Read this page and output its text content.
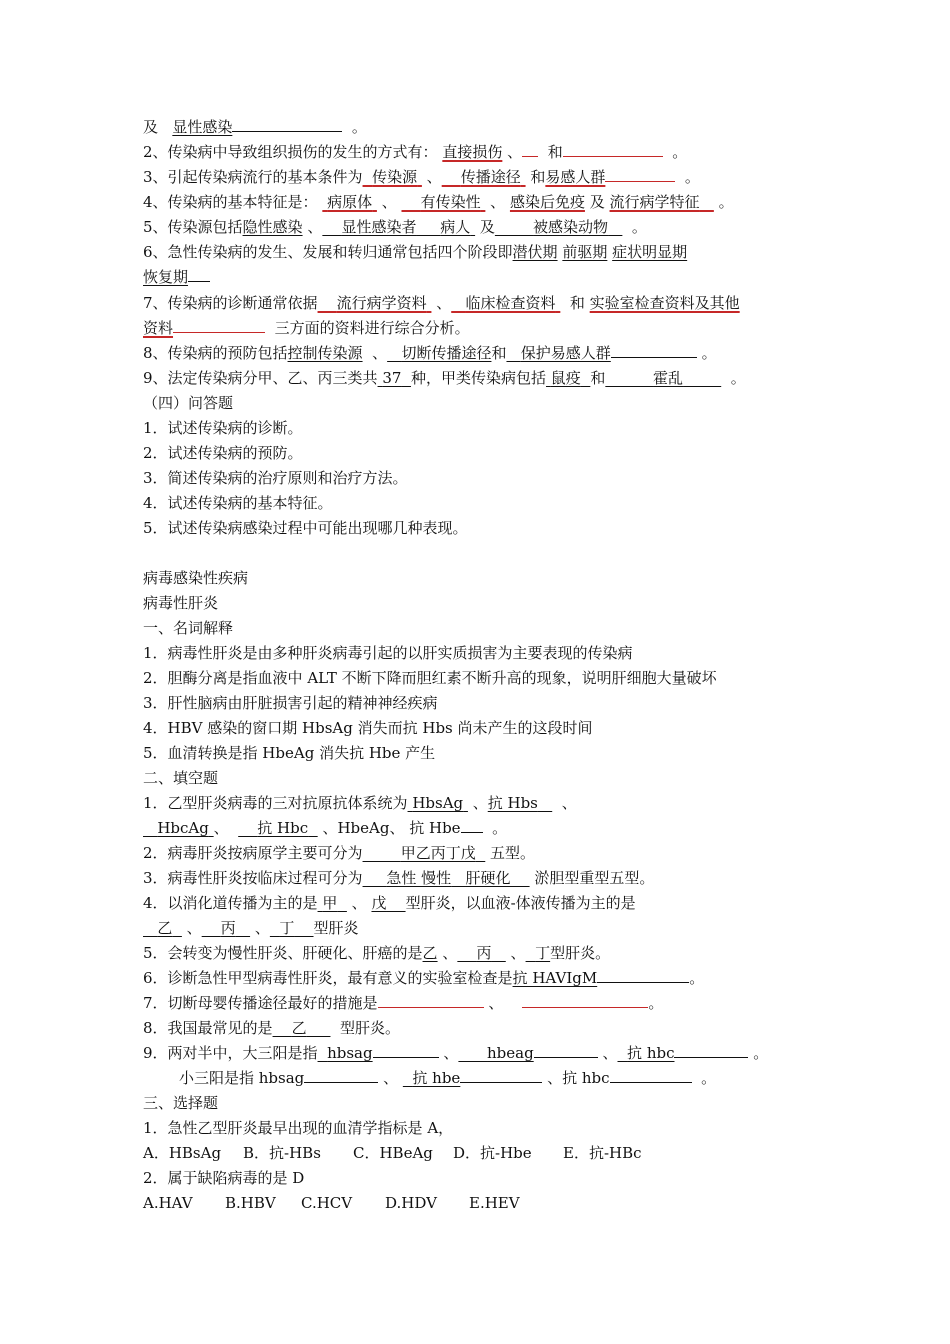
及 显性感染	。
2、传染病中导致组织损伤的发生的方式有： 直接损伤 、 和	。
3、引起传染病流行的基本条件为 传染源 、 传播途径 和易感人群	。
4、传染病的基本特征是： 病原体 、 有传染性 、 感染后免疫 及 流行病学特征 。
5、传染源包括隐性感染 、 显性感染者 病人 及	被感染动物 。
6、急性传染病的发生、发展和转归通常包括四个阶段即潜伏期 前驱期 症状明显期
恢复期
7、传染病的诊断通常依据 流行病学资料 、 临床检查资料 和 实验室检查资料及其他
资料	三方面的资料进行综合分析。
8、传染病的预防包括控制传染源 、 切断传播途径和 保护易感人群	。
9、法定传染病分甲、乙、丙三类共 37 种，甲类传染病包括 鼠疫 和	霍乱	。
（四）问答题
1．试述传染病的诊断。
2．试述传染病的预防。
3．简述传染病的治疗原则和治疗方法。
4．试述传染病的基本特征。
5．试述传染病感染过程中可能出现哪几种表现。
病毒感染性疾病
病毒性肝炎
一、名词解释
1．病毒性肝炎是由多种肝炎病毒引起的以肝实质损害为主要表现的传染病
2．胆酶分离是指血液中 ALT 不断下降而胆红素不断升高的现象，说明肝细胞大量破坏
3．肝性脑病由肝脏损害引起的精神神经疾病
4．HBV 感染的窗口期 HbsAg 消失而抗 Hbs 尚未产生的这段时间
5．血清转换是指 HbeAg 消失抗 Hbe 产生
二、填空题
1．乙型肝炎病毒的三对抗原抗体系统为 HbsAg 、抗 Hbs 、
HbcAg 、 抗 Hbc 、HbeAg、 抗 Hbe 。
2．病毒肝炎按病原学主要可分为	甲乙丙丁戊 五型。
3．病毒性肝炎按临床过程可分为 急性 慢性 肝硬化 淤胆型重型五型。
4．以消化道传播为主的是 甲 、 戊 型肝炎，以血液-体液传播为主的是
乙 、 丙 、 丁 型肝炎
5．会转变为慢性肝炎、肝硬化、肝癌的是乙 、 丙 、 丁型肝炎。
6．诊断急性甲型病毒性肝炎，最有意义的实验室检查是抗 HAVIgM	。
7．切断母婴传播途径最好的措施是	、	。
8．我国最常见的是 乙 型肝炎。
9．两对半中，大三阳是指 hbsag	、 hbeag	、 抗 hbc	。
小三阳是指 hbsag	、 抗 hbe	、抗 hbc	。
三、选择题
1．急性乙型肝炎最早出现的血清学指标是 A，
A．HBsAg B．抗-HBs C．HBeAg D．抗-Hbe E．抗-HBc
2．属于缺陷病毒的是 D
A.HAV B.HBV C.HCV D.HDV E.HEV
